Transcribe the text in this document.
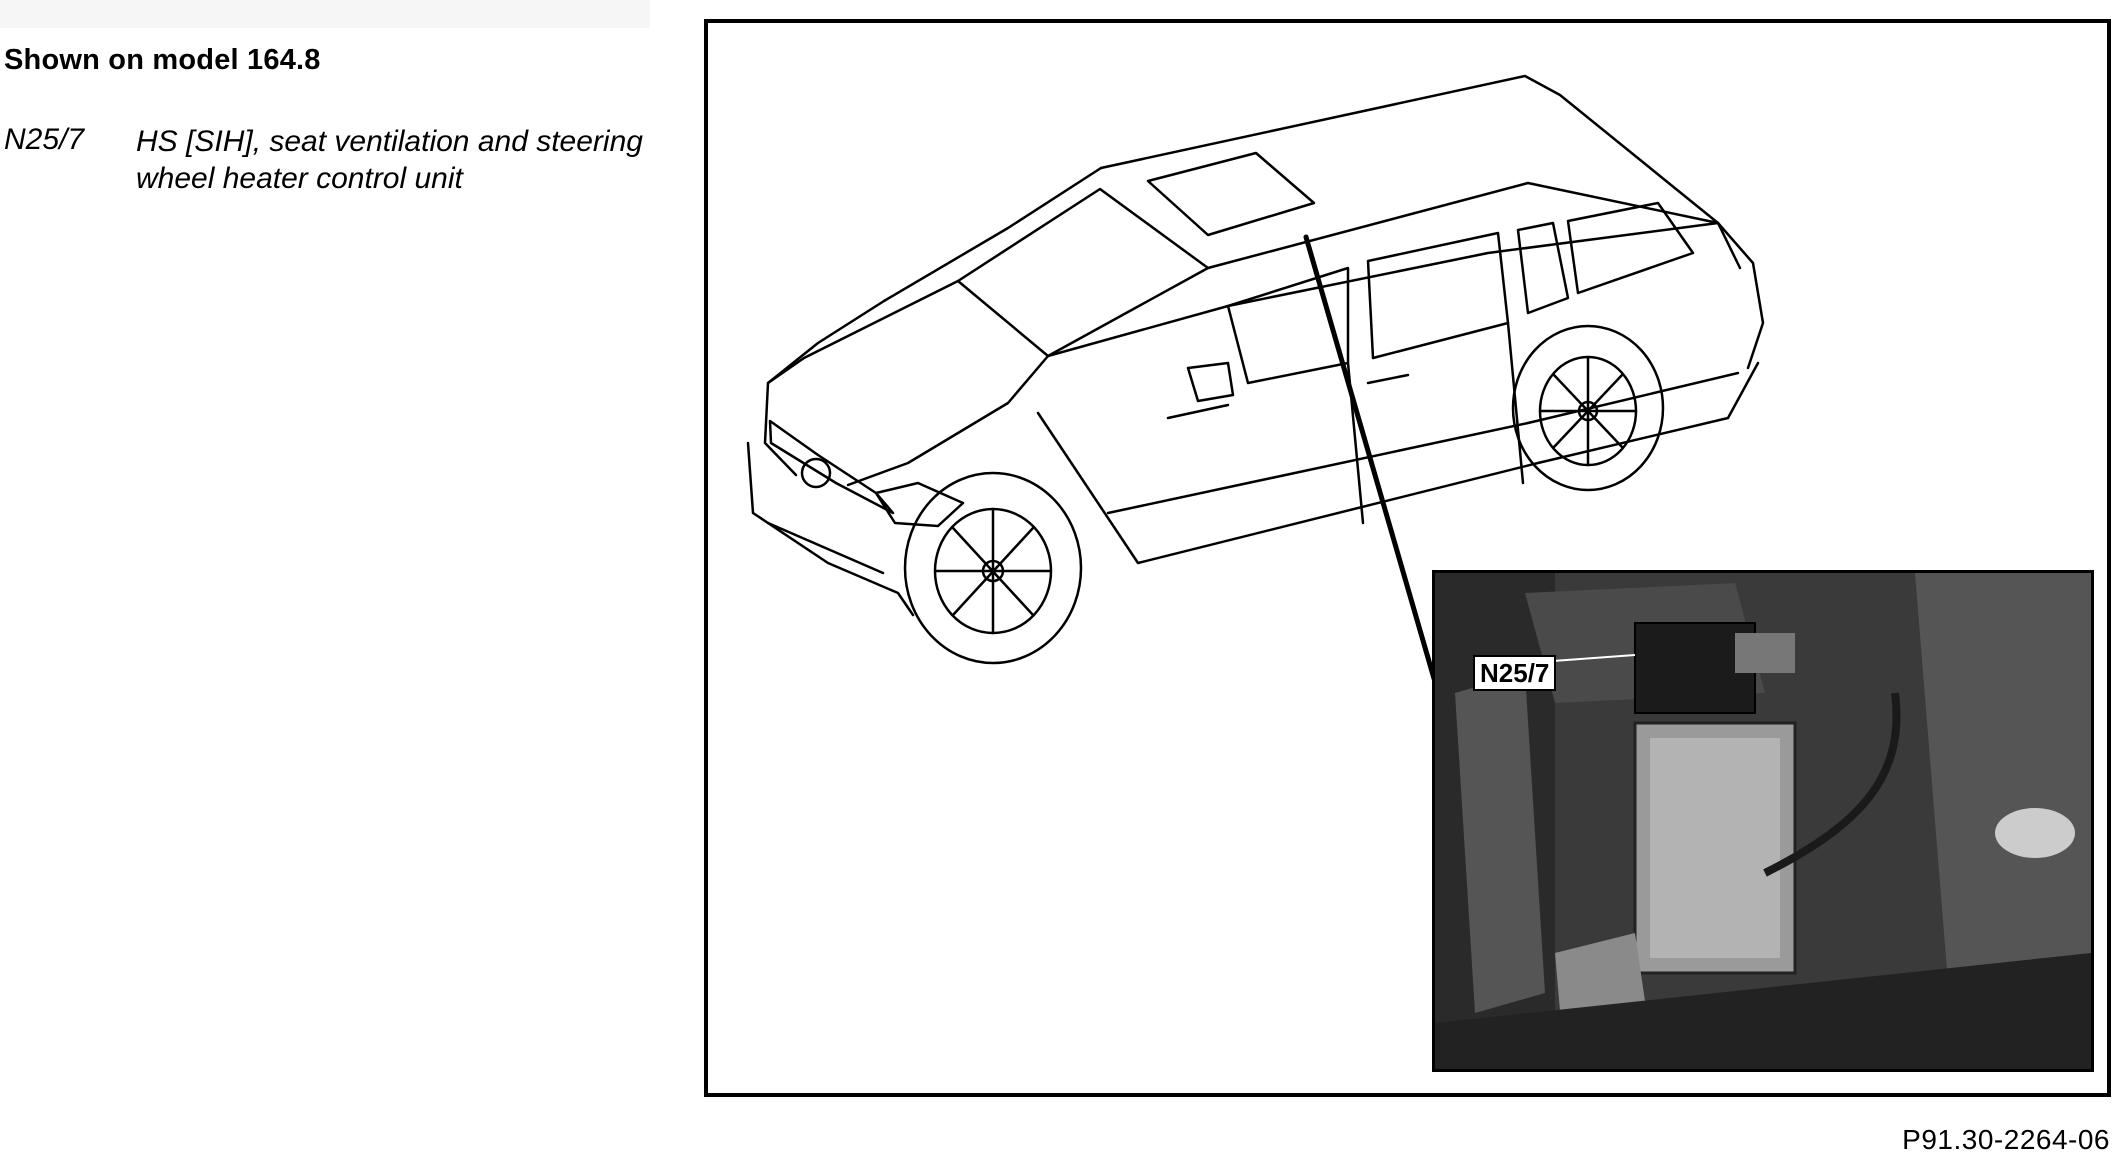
Shown on model 164.8
N25/7 HS [SIH], seat ventilation and steering wheel heater control unit
N25/7
P91.30-2264-06
